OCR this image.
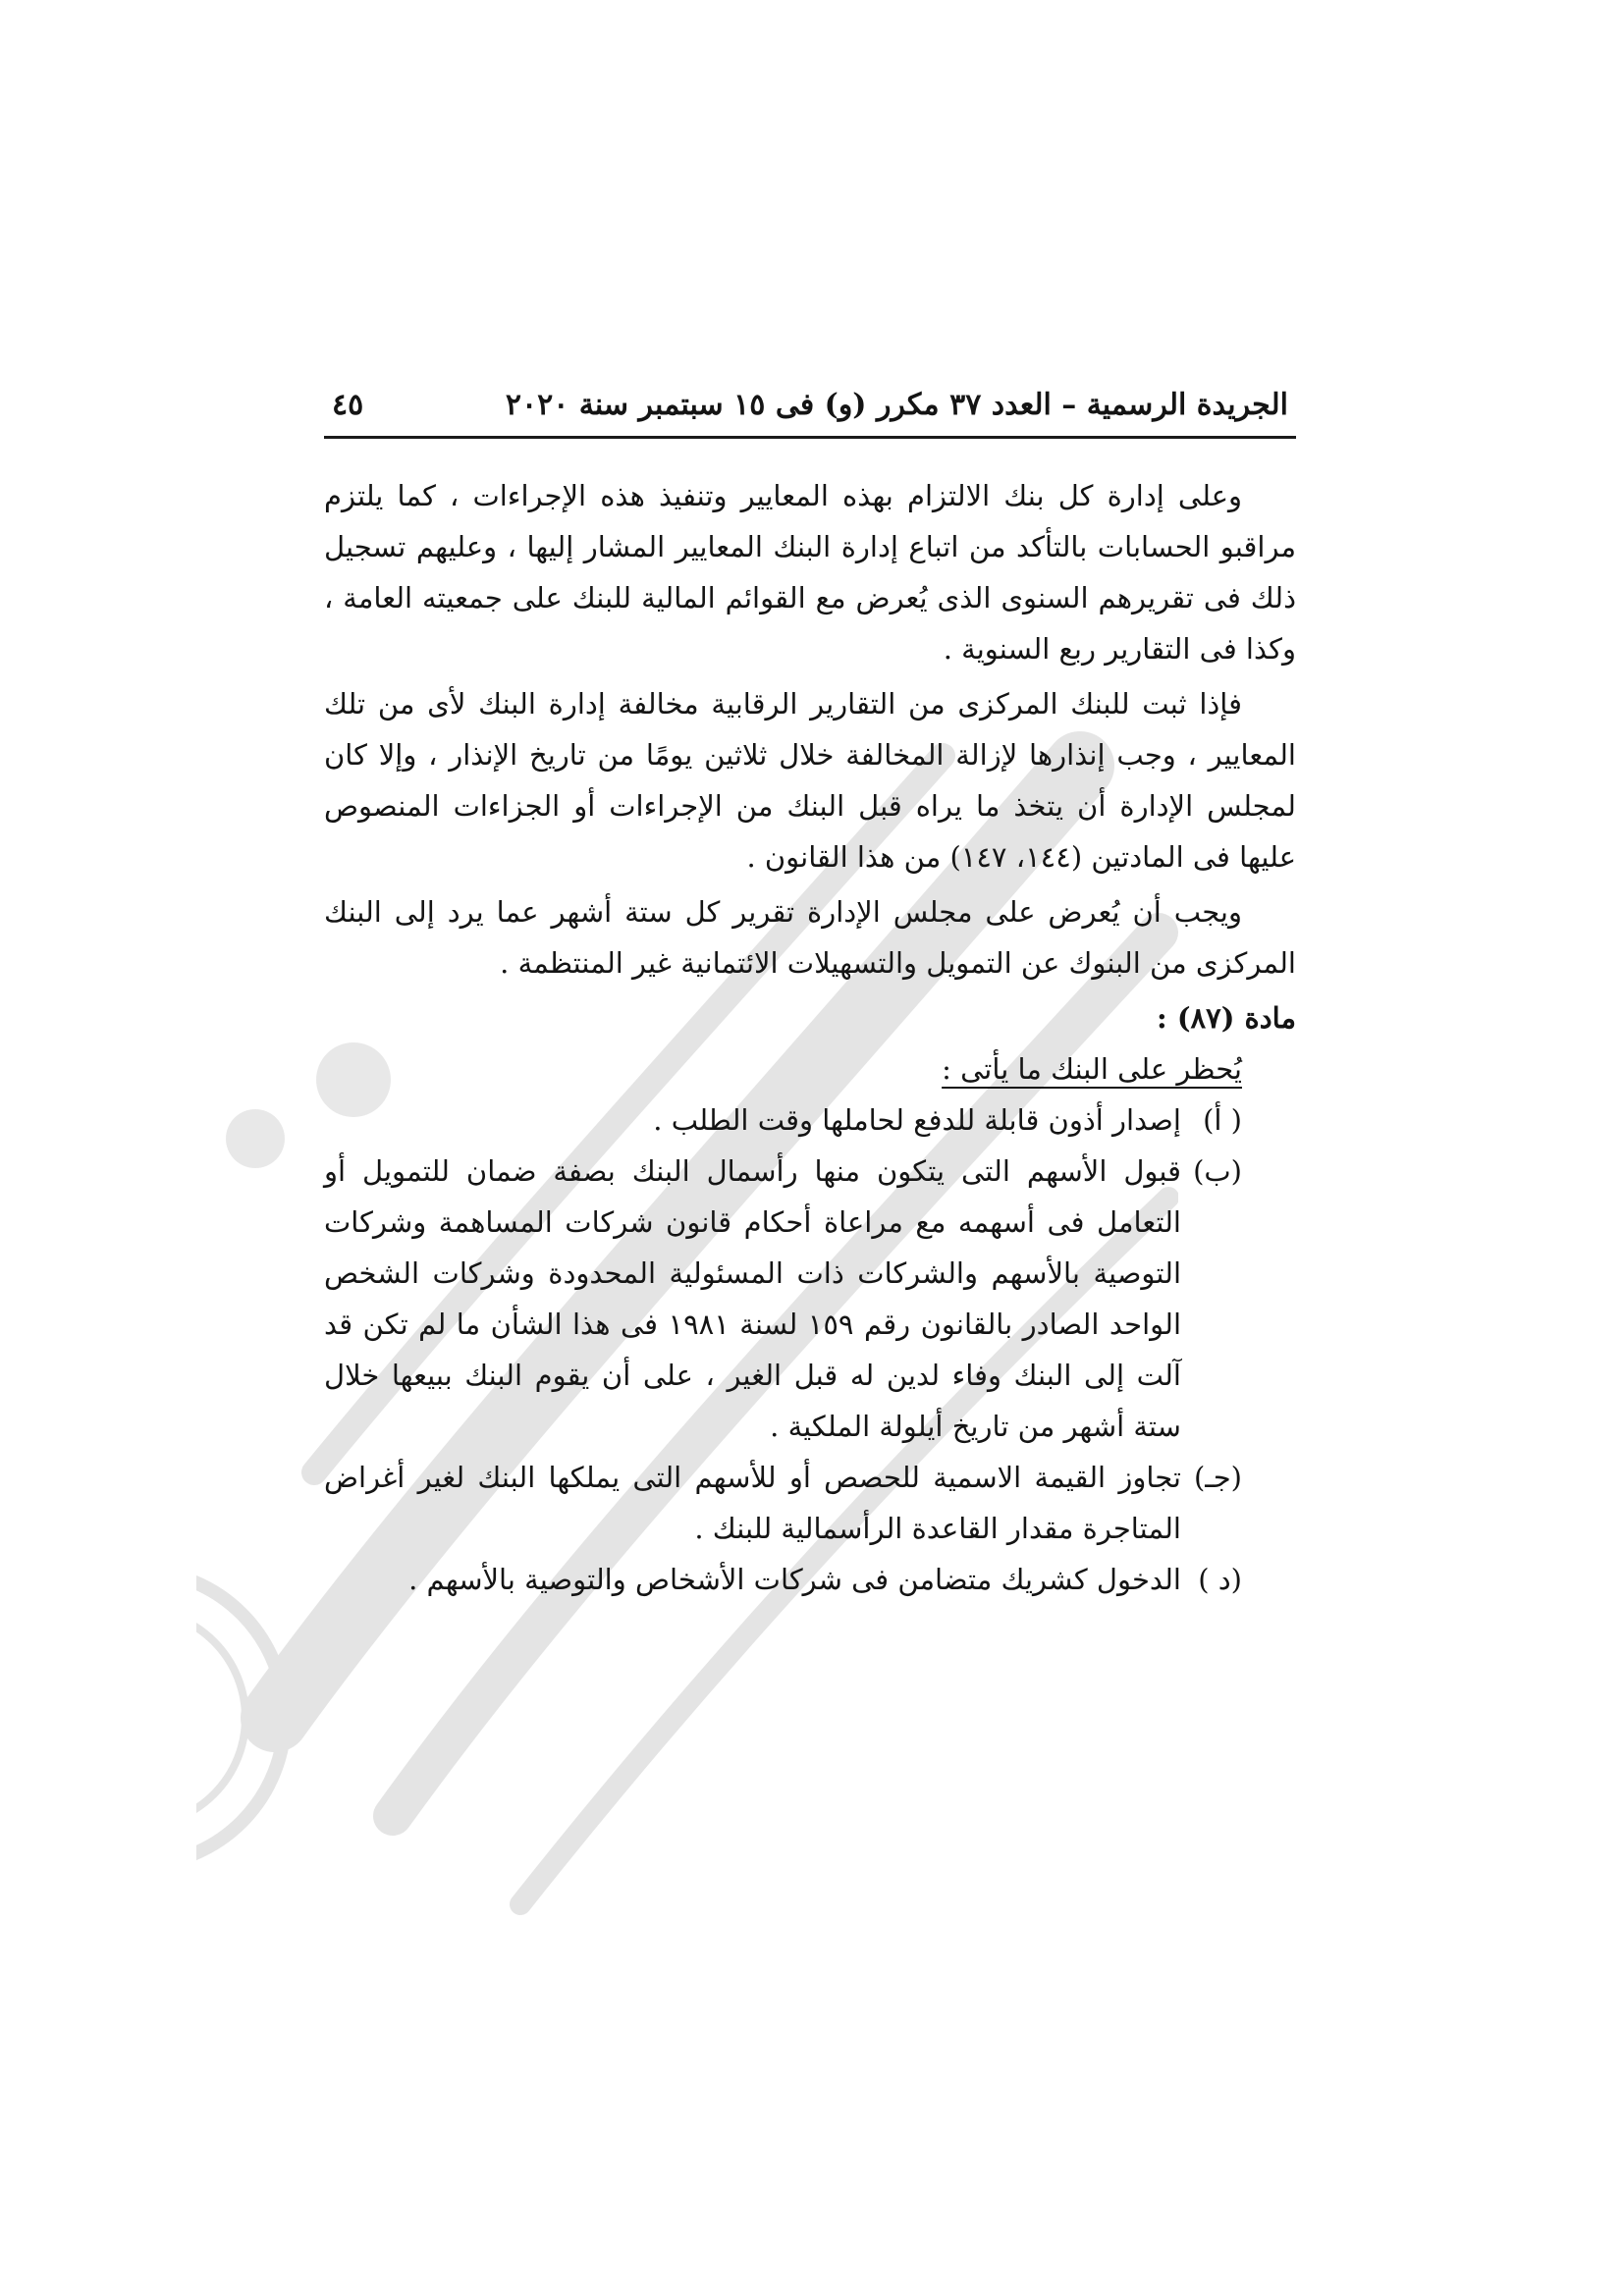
الجريدة الرسمية – العدد ٣٧ مكرر (و) فى ١٥ سبتمبر سنة ٢٠٢٠
٤٥

وعلى إدارة كل بنك الالتزام بهذه المعايير وتنفيذ هذه الإجراءات ، كما يلتزم مراقبو الحسابات بالتأكد من اتباع إدارة البنك المعايير المشار إليها ، وعليهم تسجيل ذلك فى تقريرهم السنوى الذى يُعرض مع القوائم المالية للبنك على جمعيته العامة ، وكذا فى التقارير ربع السنوية .

فإذا ثبت للبنك المركزى من التقارير الرقابية مخالفة إدارة البنك لأى من تلك المعايير ، وجب إنذارها لإزالة المخالفة خلال ثلاثين يومًا من تاريخ الإنذار ، وإلا كان لمجلس الإدارة أن يتخذ ما يراه قبل البنك من الإجراءات أو الجزاءات المنصوص عليها فى المادتين (١٤٤، ١٤٧) من هذا القانون .

ويجب أن يُعرض على مجلس الإدارة تقرير كل ستة أشهر عما يرد إلى البنك المركزى من البنوك عن التمويل والتسهيلات الائتمانية غير المنتظمة .

مادة (٨٧) :
يُحظر على البنك ما يأتى :
( أ)
إصدار أذون قابلة للدفع لحاملها وقت الطلب .
(ب)
قبول الأسهم التى يتكون منها رأسمال البنك بصفة ضمان للتمويل أو التعامل فى أسهمه مع مراعاة أحكام قانون شركات المساهمة وشركات التوصية بالأسهم والشركات ذات المسئولية المحدودة وشركات الشخص الواحد الصادر بالقانون رقم ١٥٩ لسنة ١٩٨١ فى هذا الشأن ما لم تكن قد آلت إلى البنك وفاء لدين له قبل الغير ، على أن يقوم البنك ببيعها خلال ستة أشهر من تاريخ أيلولة الملكية .
(جـ)
تجاوز القيمة الاسمية للحصص أو للأسهم التى يملكها البنك لغير أغراض المتاجرة مقدار القاعدة الرأسمالية للبنك .
(د )
الدخول كشريك متضامن فى شركات الأشخاص والتوصية بالأسهم .
